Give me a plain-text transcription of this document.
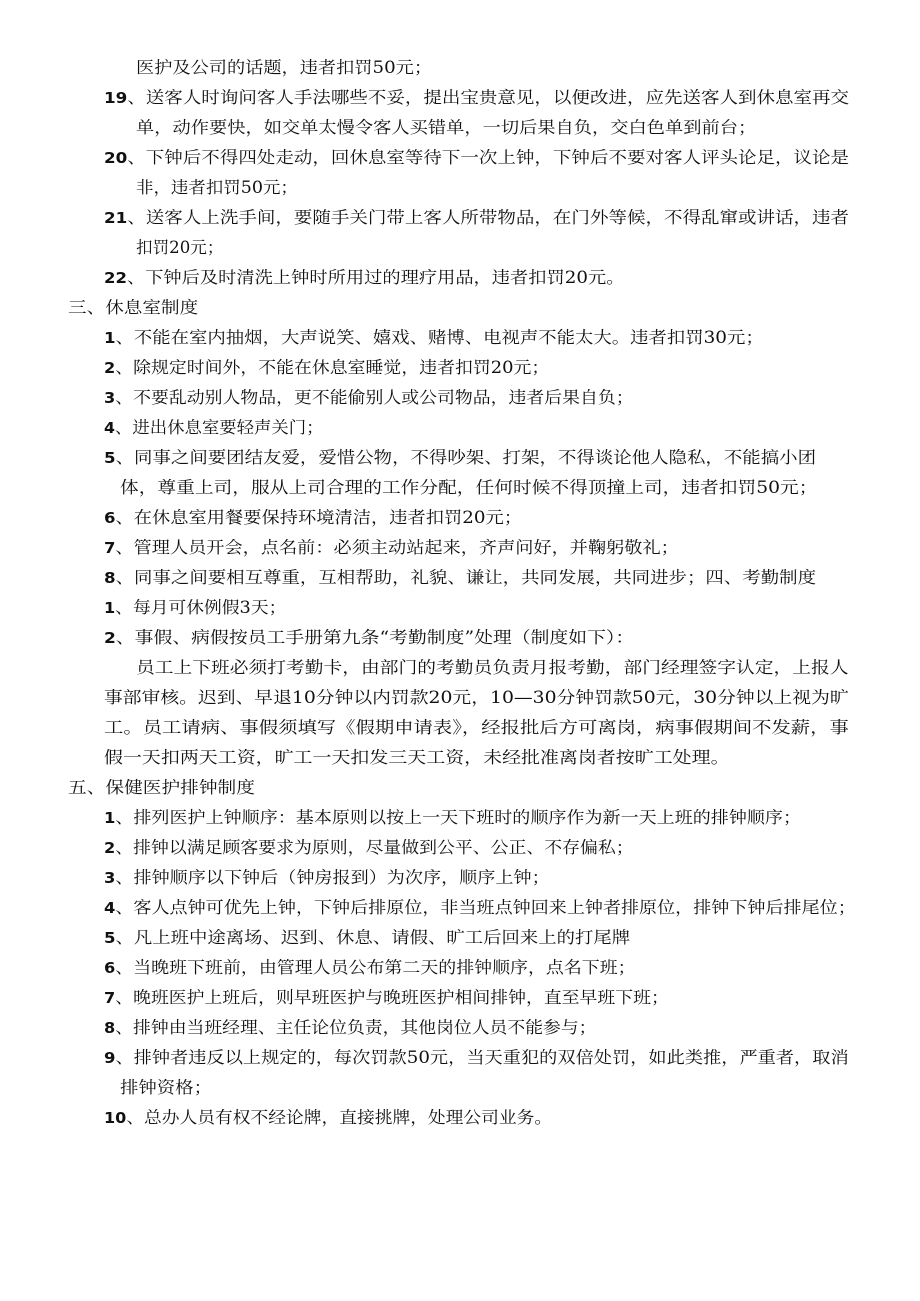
医护及公司的话题，违者扣罚50元；
19、送客人时询问客人手法哪些不妥，提出宝贵意见，以便改进，应先送客人到休息室再交
单，动作要快，如交单太慢令客人买错单，一切后果自负，交白色单到前台；
20、下钟后不得四处走动，回休息室等待下一次上钟，下钟后不要对客人评头论足，议论是
非，违者扣罚50元；
21、送客人上洗手间，要随手关门带上客人所带物品，在门外等候，不得乱窜或讲话，违者
扣罚20元；
22、下钟后及时清洗上钟时所用过的理疗用品，违者扣罚20元。
三、休息室制度
1、不能在室内抽烟，大声说笑、嬉戏、赌博、电视声不能太大。违者扣罚30元；
2、除规定时间外，不能在休息室睡觉，违者扣罚20元；
3、不要乱动别人物品，更不能偷别人或公司物品，违者后果自负；
4、进出休息室要轻声关门；
5、同事之间要团结友爱，爱惜公物，不得吵架、打架，不得谈论他人隐私，不能搞小团
体，尊重上司，服从上司合理的工作分配，任何时候不得顶撞上司，违者扣罚50元；
6、在休息室用餐要保持环境清洁，违者扣罚20元；
7、管理人员开会，点名前：必须主动站起来，齐声问好，并鞠躬敬礼；
8、同事之间要相互尊重，互相帮助，礼貌、谦让，共同发展，共同进步；四、考勤制度
1、每月可休例假3天；
2、事假、病假按员工手册第九条“考勤制度”处理（制度如下）：
员工上下班必须打考勤卡，由部门的考勤员负责月报考勤，部门经理签字认定，上报人
事部审核。迟到、早退10分钟以内罚款20元，10—30分钟罚款50元，30分钟以上视为旷
工。员工请病、事假须填写《假期申请表》，经报批后方可离岗，病事假期间不发薪，事
假一天扣两天工资，旷工一天扣发三天工资，未经批准离岗者按旷工处理。
五、保健医护排钟制度
1、排列医护上钟顺序：基本原则以按上一天下班时的顺序作为新一天上班的排钟顺序；
2、排钟以满足顾客要求为原则，尽量做到公平、公正、不存偏私；
3、排钟顺序以下钟后（钟房报到）为次序，顺序上钟；
4、客人点钟可优先上钟，下钟后排原位，非当班点钟回来上钟者排原位，排钟下钟后排尾位；
5、凡上班中途离场、迟到、休息、请假、旷工后回来上的打尾牌
6、当晚班下班前，由管理人员公布第二天的排钟顺序，点名下班；
7、晚班医护上班后，则早班医护与晚班医护相间排钟，直至早班下班；
8、排钟由当班经理、主任论位负责，其他岗位人员不能参与；
9、排钟者违反以上规定的，每次罚款50元，当天重犯的双倍处罚，如此类推，严重者，取消
排钟资格；
10、总办人员有权不经论牌，直接挑牌，处理公司业务。
